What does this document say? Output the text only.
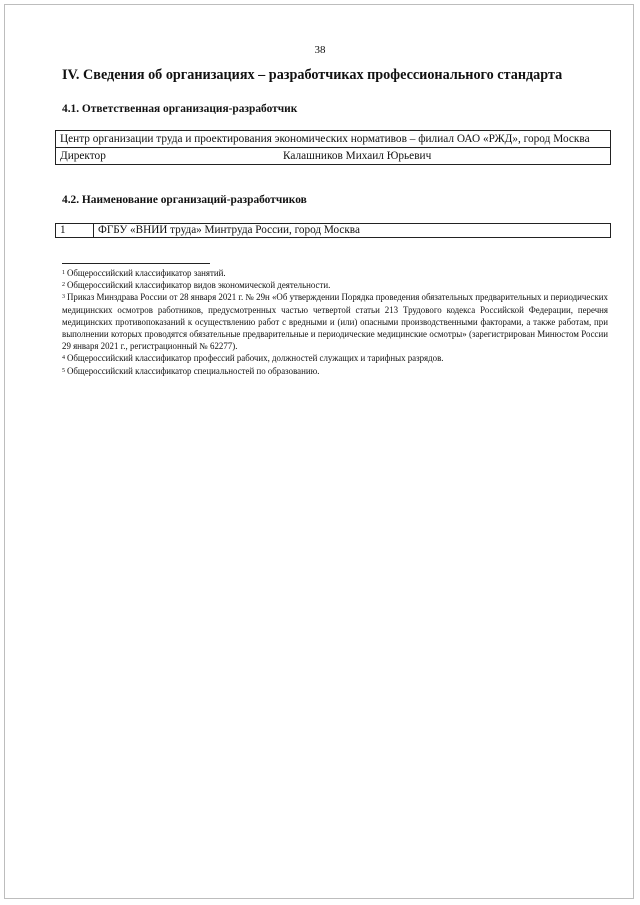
38
IV. Сведения об организациях – разработчиках профессионального стандарта
4.1. Ответственная организация-разработчик
Центр организации труда и проектирования экономических нормативов – филиал ОАО «РЖД», город Москва
Директор	Калашников Михаил Юрьевич
4.2. Наименование организаций-разработчиков
1	ФГБУ «ВНИИ труда» Минтруда России, город Москва
$^1$ Общероссийский классификатор занятий.
$^2$ Общероссийский классификатор видов экономической деятельности.
$^3$ Приказ Минздрава России от 28 января 2021 г. № 29н «Об утверждении Порядка проведения обязательных предварительных и периодических медицинских осмотров работников, предусмотренных частью четвертой статьи 213 Трудового кодекса Российской Федерации, перечня медицинских противопоказаний к осуществлению работ с вредными и (или) опасными производственными факторами, а также работам, при выполнении которых проводятся обязательные предварительные и периодические медицинские осмотры» (зарегистрирован Минюстом России 29 января 2021 г., регистрационный № 62277).
$^4$ Общероссийский классификатор профессий рабочих, должностей служащих и тарифных разрядов.
$^5$ Общероссийский классификатор специальностей по образованию.
